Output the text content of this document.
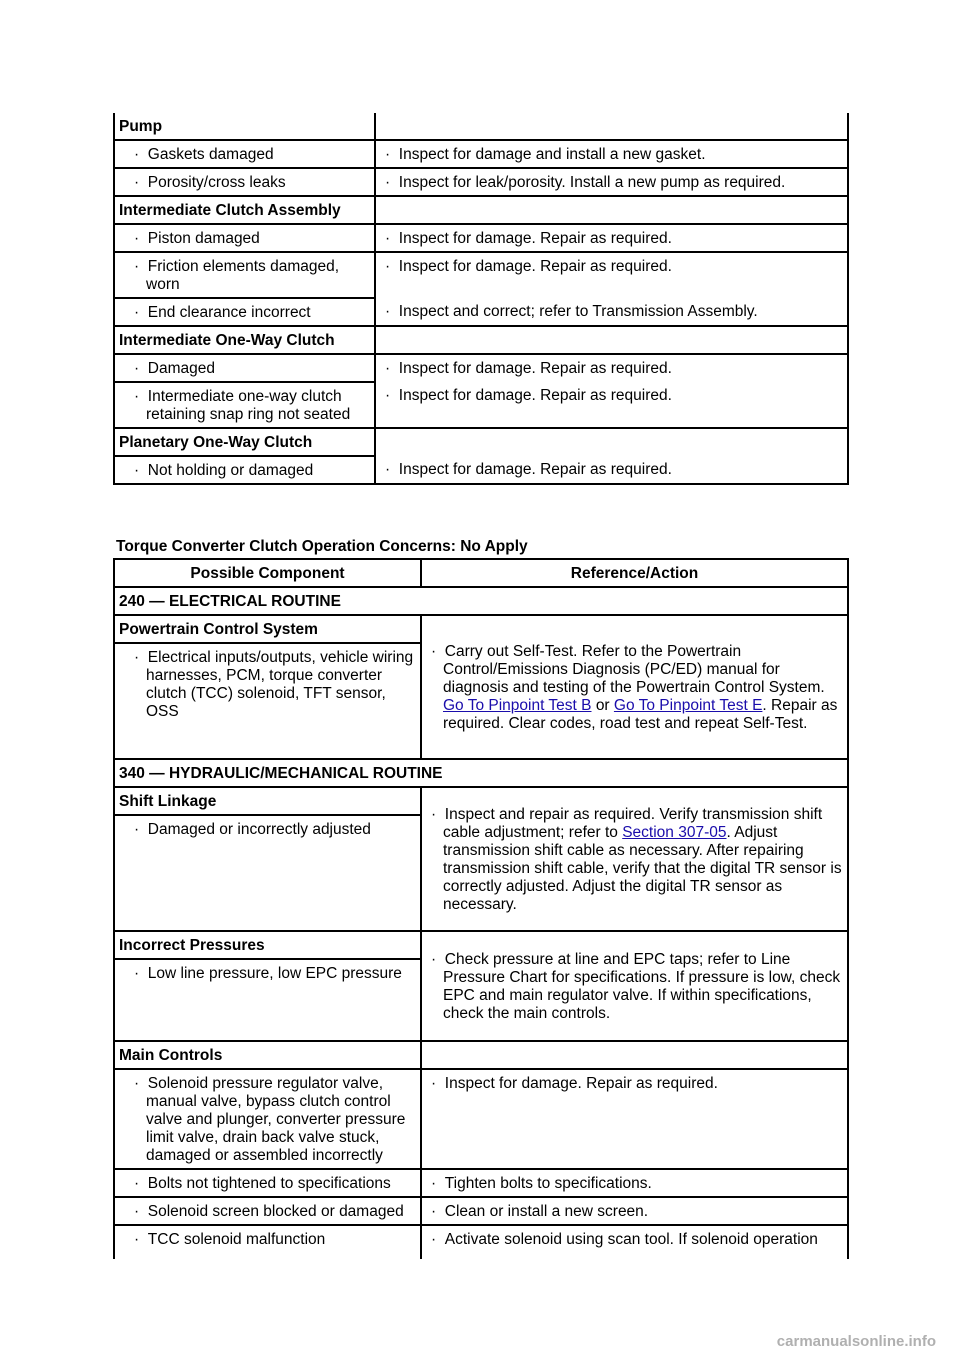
Pump	

·  Gaskets damaged	·  Inspect for damage and install a new gasket.

·  Porosity/cross leaks	·  Inspect for leak/porosity. Install a new pump as required.

Intermediate Clutch Assembly	

·  Piston damaged	·  Inspect for damage. Repair as required.

·  Friction elements damaged, worn	·  Inspect for damage. Repair as required.

·  End clearance incorrect	·  Inspect and correct; refer to Transmission Assembly.

Intermediate One-Way Clutch	

·  Damaged	·  Inspect for damage. Repair as required.

·  Intermediate one-way clutch retaining snap ring not seated	·  Inspect for damage. Repair as required.

Planetary One-Way Clutch	

·  Not holding or damaged	·  Inspect for damage. Repair as required.
Torque Converter Clutch Operation Concerns: No Apply
Possible Component	Reference/Action
240 — ELECTRICAL ROUTINE	
Powertrain Control System	·  Carry out Self-Test. Refer to the Powertrain Control/Emissions Diagnosis (PC/ED) manual for diagnosis and testing of the Powertrain Control System. Go To Pinpoint Test B or Go To Pinpoint Test E. Repair as required. Clear codes, road test and repeat Self-Test.

·  Electrical inputs/outputs, vehicle wiring harnesses, PCM, torque converter clutch (TCC) solenoid, TFT sensor, OSS

340 — HYDRAULIC/MECHANICAL ROUTINE	
Shift Linkage	·  Inspect and repair as required. Verify transmission shift cable adjustment; refer to Section 307-05. Adjust transmission shift cable as necessary. After repairing transmission shift cable, verify that the digital TR sensor is correctly adjusted. Adjust the digital TR sensor as necessary.

·  Damaged or incorrectly adjusted

Incorrect Pressures	·  Check pressure at line and EPC taps; refer to Line Pressure Chart for specifications. If pressure is low, check EPC and main regulator valve. If within specifications, check the main controls.

·  Low line pressure, low EPC pressure

Main Controls	

·  Solenoid pressure regulator valve, manual valve, bypass clutch control valve and plunger, converter pressure limit valve, drain back valve stuck, damaged or assembled incorrectly	·  Inspect for damage. Repair as required.

·  Bolts not tightened to specifications	·  Tighten bolts to specifications.

·  Solenoid screen blocked or damaged	·  Clean or install a new screen.

·  TCC solenoid malfunction	·  Activate solenoid using scan tool. If solenoid operation
carmanualsonline.info
